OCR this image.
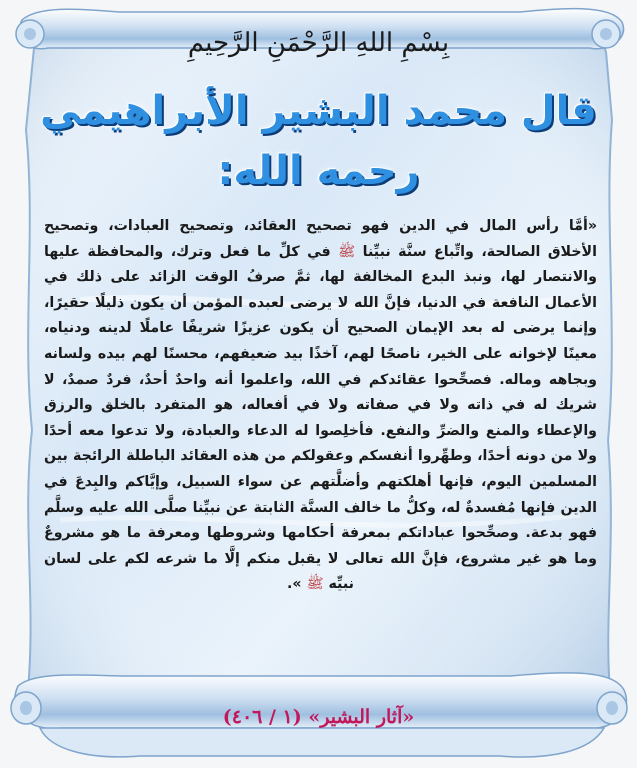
بِسْمِ اللهِ الرَّحْمَنِ الرَّحِيمِ
قال محمد البشير الأبراهيمي
رحمه الله:
«أمَّا رأس المال في الدين فهو تصحيح العقائد، وتصحيح العبادات، وتصحيح الأخلاق الصالحة، واتِّباع سنَّة نبيِّنا ﷺ في كلِّ ما فعل وترك، والمحافظة عليها والانتصار لها، ونبذ البدع المخالفة لها، ثمَّ صرفُ الوقت الزائد على ذلك في الأعمال النافعة في الدنيا، فإنَّ الله لا يرضى لعبده المؤمن أن يكون ذليلًا حقيرًا، وإنما يرضى له بعد الإيمان الصحيح أن يكون عزيزًا شريفًا عاملًا لدينه ودنياه، معينًا لإخوانه على الخير، ناصحًا لهم، آخذًا بيد ضعيفهم، محسنًا لهم بيده ولسانه وبجاهه وماله. فصحِّحوا عقائدكم في الله، واعلموا أنه واحدٌ أحدٌ، فردٌ صمدٌ، لا شريك له في ذاته ولا في صفاته ولا في أفعاله، هو المتفرد بالخلق والرزق والإعطاء والمنع والضرِّ والنفع. فأخلِصوا له الدعاء والعبادة، ولا تدعوا معه أحدًا ولا من دونه أحدًا، وطهِّروا أنفسكم وعقولكم من هذه العقائد الباطلة الرائجة بين المسلمين اليوم، فإنها أهلكتهم وأضلَّتهم عن سواء السبيل، وإيَّاكم والبِدعَ في الدين فإنها مُفسدةٌ له، وكلُّ ما خالف السنَّة الثابتة عن نبيِّنا صلَّى الله عليه وسلَّم فهو بدعة. وصحِّحوا عباداتكم بمعرفة أحكامها وشروطها ومعرفة ما هو مشروعٌ وما هو غير مشروع، فإنَّ الله تعالى لا يقبل منكم إلَّا ما شرعه لكم على لسان نبيِّه ﷺ ».
«آثار البشير» (١ / ٤٠٦)
